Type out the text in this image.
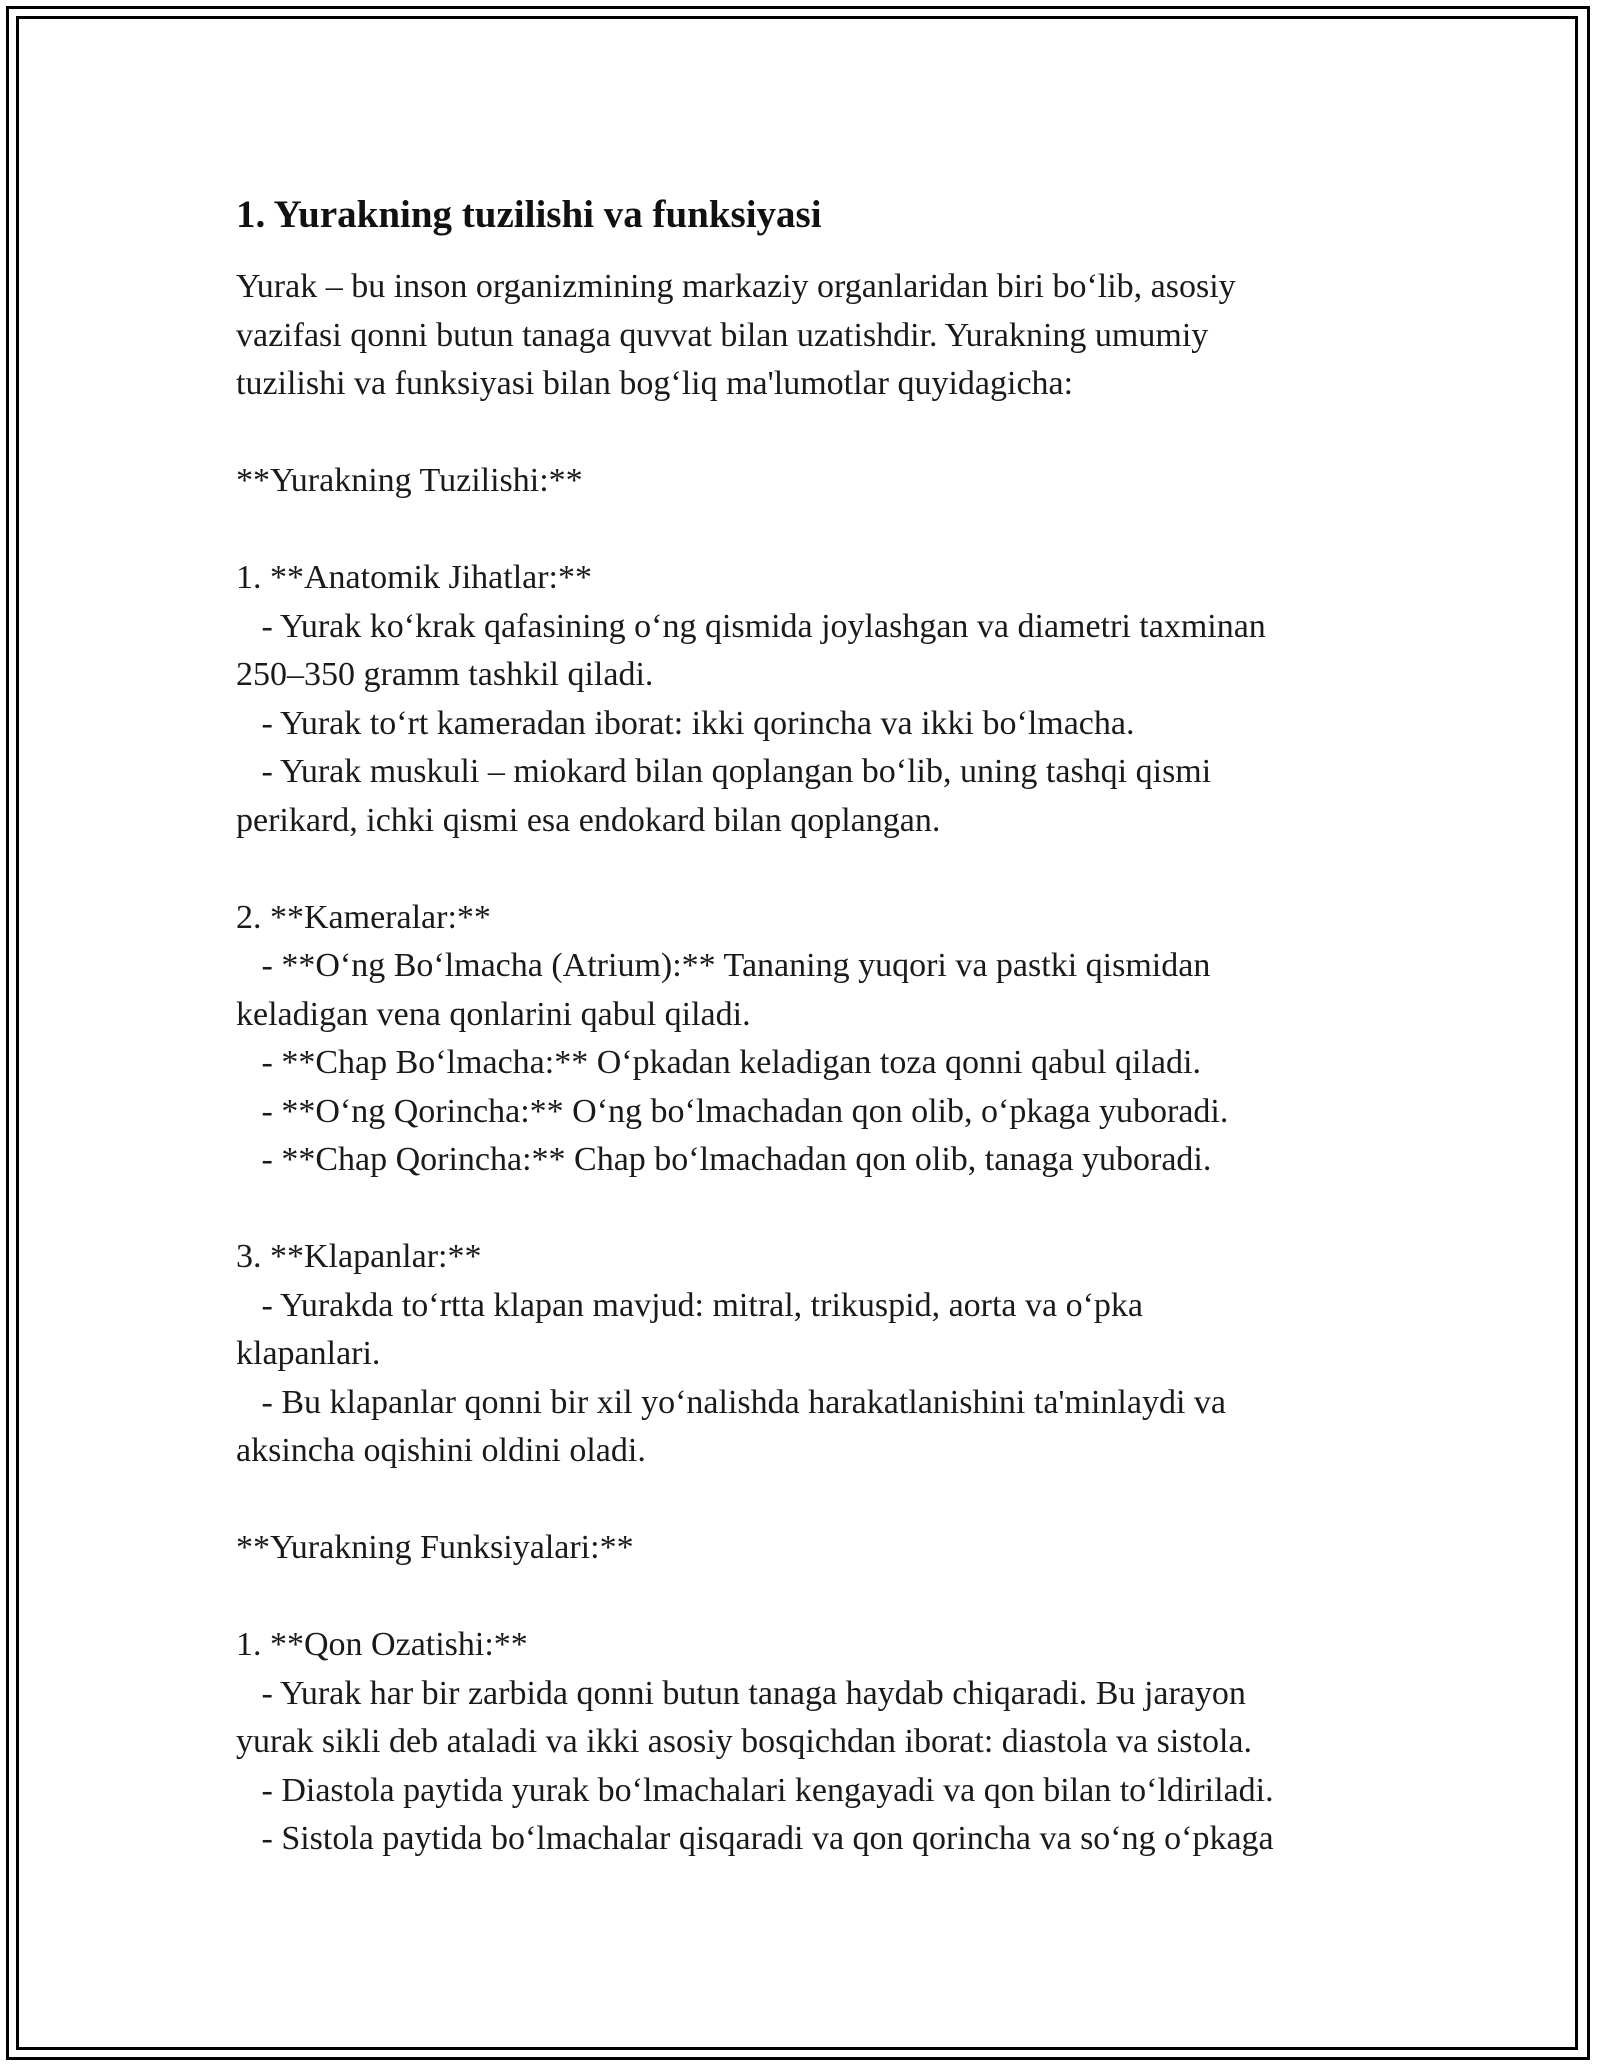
1. Yurakning tuzilishi va funksiyasi

Yurak – bu inson organizmining markaziy organlaridan biri bo‘lib, asosiy

vazifasi qonni butun tanaga quvvat bilan uzatishdir. Yurakning umumiy

tuzilishi va funksiyasi bilan bog‘liq ma'lumotlar quyidagicha:

**Yurakning Tuzilishi:**

1. **Anatomik Jihatlar:**

- Yurak ko‘krak qafasining o‘ng qismida joylashgan va diametri taxminan

250–350 gramm tashkil qiladi.

- Yurak to‘rt kameradan iborat: ikki qorincha va ikki bo‘lmacha.

- Yurak muskuli – miokard bilan qoplangan bo‘lib, uning tashqi qismi

perikard, ichki qismi esa endokard bilan qoplangan.

2. **Kameralar:**

- **O‘ng Bo‘lmacha (Atrium):** Tananing yuqori va pastki qismidan

keladigan vena qonlarini qabul qiladi.

- **Chap Bo‘lmacha:** O‘pkadan keladigan toza qonni qabul qiladi.

- **O‘ng Qorincha:** O‘ng bo‘lmachadan qon olib, o‘pkaga yuboradi.

- **Chap Qorincha:** Chap bo‘lmachadan qon olib, tanaga yuboradi.

3. **Klapanlar:**

- Yurakda to‘rtta klapan mavjud: mitral, trikuspid, aorta va o‘pka

klapanlari.

- Bu klapanlar qonni bir xil yo‘nalishda harakatlanishini ta'minlaydi va

aksincha oqishini oldini oladi.

**Yurakning Funksiyalari:**

1. **Qon Ozatishi:**

- Yurak har bir zarbida qonni butun tanaga haydab chiqaradi. Bu jarayon

yurak sikli deb ataladi va ikki asosiy bosqichdan iborat: diastola va sistola.

- Diastola paytida yurak bo‘lmachalari kengayadi va qon bilan to‘ldiriladi.

- Sistola paytida bo‘lmachalar qisqaradi va qon qorincha va so‘ng o‘pkaga
